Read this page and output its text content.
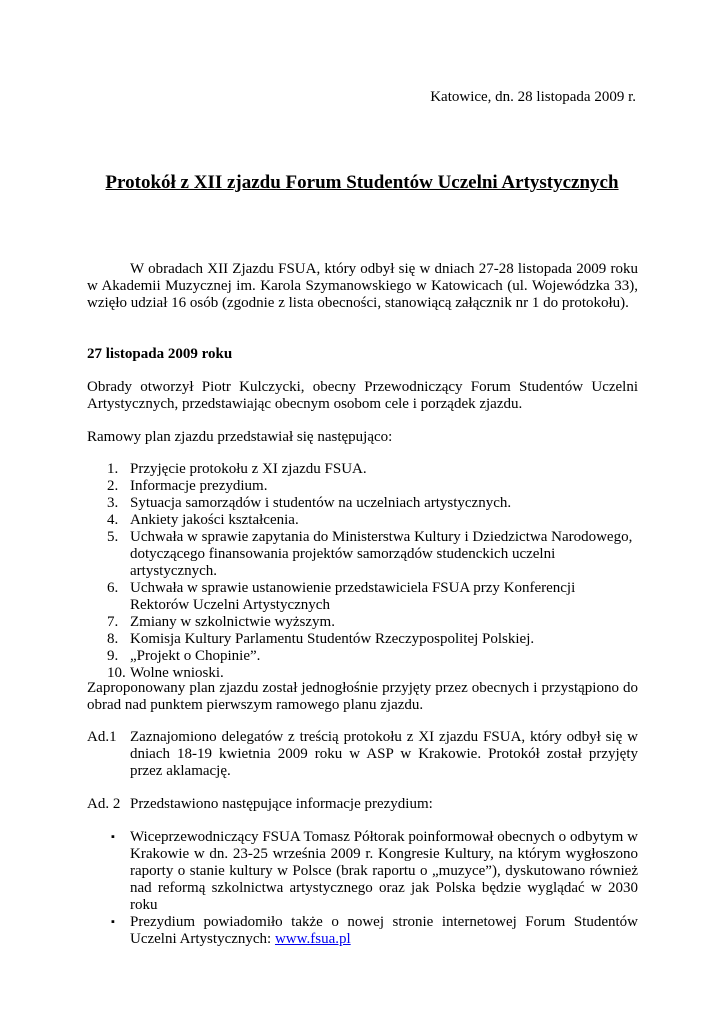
Katowice, dn. 28 listopada 2009 r.
Protokół z XII zjazdu Forum Studentów Uczelni Artystycznych

W obradach XII Zjazdu FSUA, który odbył się w dniach 27-28 listopada 2009 roku w Akademii Muzycznej im. Karola Szymanowskiego w Katowicach (ul. Wojewódzka 33), wzięło udział 16 osób (zgodnie z lista obecności, stanowiącą załącznik nr 1 do protokołu).

27 listopada 2009 roku

Obrady otworzył Piotr Kulczycki, obecny Przewodniczący Forum Studentów Uczelni Artystycznych, przedstawiając obecnym osobom cele i porządek zjazdu.

Ramowy plan zjazdu przedstawiał się następująco:

1. Przyjęcie protokołu z XI zjazdu FSUA.
2. Informacje prezydium.
3. Sytuacja samorządów i studentów na uczelniach artystycznych.
4. Ankiety jakości kształcenia.
5. Uchwała w sprawie zapytania do Ministerstwa Kultury i Dziedzictwa Narodowego, dotyczącego finansowania projektów samorządów studenckich uczelni artystycznych.
6. Uchwała w sprawie ustanowienie przedstawiciela FSUA przy Konferencji Rektorów Uczelni Artystycznych
7. Zmiany w szkolnictwie wyższym.
8. Komisja Kultury Parlamentu Studentów Rzeczypospolitej Polskiej.
9. „Projekt o Chopinie”.
10. Wolne wnioski.

Zaproponowany plan zjazdu został jednogłośnie przyjęty przez obecnych i przystąpiono do obrad nad punktem pierwszym ramowego planu zjazdu.

Ad.1 Zaznajomiono delegatów z treścią protokołu z XI zjazdu FSUA, który odbył się w dniach 18-19 kwietnia 2009 roku w ASP w Krakowie. Protokół został przyjęty przez aklamację.
Ad. 2 Przedstawiono następujące informacje prezydium:
▪ Wiceprzewodniczący FSUA Tomasz Półtorak poinformował obecnych o odbytym w Krakowie w dn. 23-25 września 2009 r. Kongresie Kultury, na którym wygłoszono raporty o stanie kultury w Polsce (brak raportu o „muzyce”), dyskutowano również nad reformą szkolnictwa artystycznego oraz jak Polska będzie wyglądać w 2030 roku
▪ Prezydium powiadomiło także o nowej stronie internetowej Forum Studentów Uczelni Artystycznych: www.fsua.pl
